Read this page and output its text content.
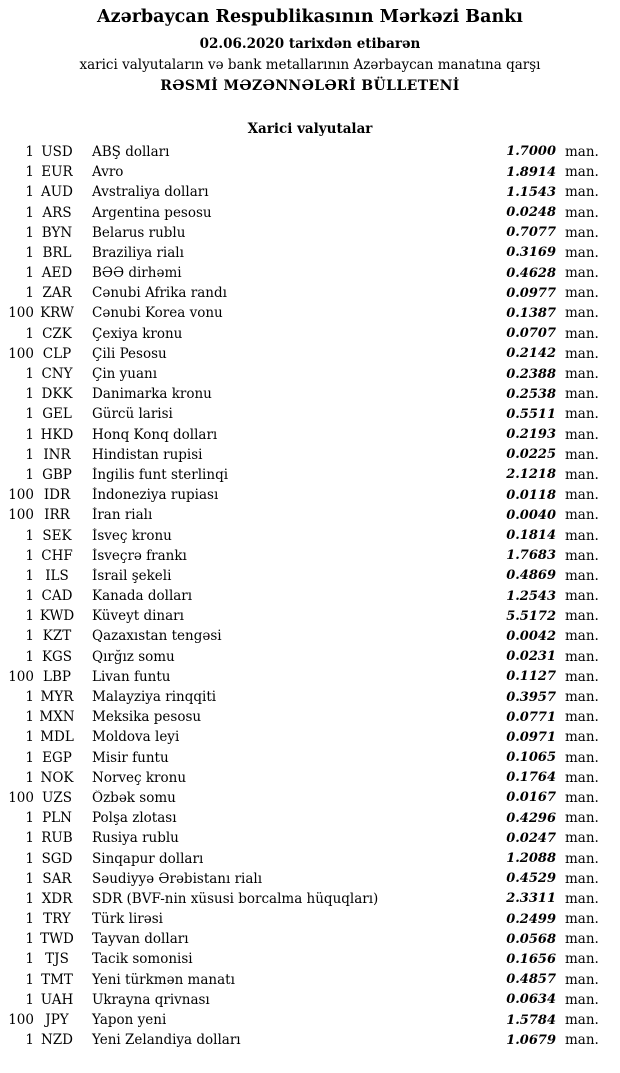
Azərbaycan Respublikasının Mərkəzi Bankı
02.06.2020 tarixdən etibarən
xarici valyutaların və bank metallarının Azərbaycan manatına qarşı
RƏSMİ MƏZƏNNƏLƏRİ BÜLLETENİ
Xarici valyutalar
1 USD	ABŞ dolları	1.7000 man.
1 EUR	Avro	1.8914 man.
1 AUD	Avstraliya dolları	1.1543 man.
1 ARS	Argentina pesosu	0.0248 man.
1 BYN	Belarus rublu	0.7077 man.
1 BRL	Braziliya rialı	0.3169 man.
1 AED	BƏƏ dirhəmi	0.4628 man.
1 ZAR	Cənubi Afrika randı	0.0977 man.
100 KRW	Cənubi Korea vonu	0.1387 man.
1 CZK	Çexiya kronu	0.0707 man.
100 CLP	Çili Pesosu	0.2142 man.
1 CNY	Çin yuanı	0.2388 man.
1 DKK	Danimarka kronu	0.2538 man.
1 GEL	Gürcü larisi	0.5511 man.
1 HKD	Honq Konq dolları	0.2193 man.
1 INR	Hindistan rupisi	0.0225 man.
1 GBP	İngilis funt sterlinqi	2.1218 man.
100 IDR	İndoneziya rupiası	0.0118 man.
100 IRR	İran rialı	0.0040 man.
1 SEK	İsveç kronu	0.1814 man.
1 CHF	İsveçrə frankı	1.7683 man.
1 ILS	İsrail şekeli	0.4869 man.
1 CAD	Kanada dolları	1.2543 man.
1 KWD	Küveyt dinarı	5.5172 man.
1 KZT	Qazaxıstan tengəsi	0.0042 man.
1 KGS	Qırğız somu	0.0231 man.
100 LBP	Livan funtu	0.1127 man.
1 MYR	Malayziya rinqqiti	0.3957 man.
1 MXN	Meksika pesosu	0.0771 man.
1 MDL	Moldova leyi	0.0971 man.
1 EGP	Misir funtu	0.1065 man.
1 NOK	Norveç kronu	0.1764 man.
100 UZS	Özbək somu	0.0167 man.
1 PLN	Polşa zlotası	0.4296 man.
1 RUB	Rusiya rublu	0.0247 man.
1 SGD	Sinqapur dolları	1.2088 man.
1 SAR	Səudiyyə Ərəbistanı rialı	0.4529 man.
1 XDR	SDR (BVF-nin xüsusi borcalma hüquqları)	2.3311 man.
1 TRY	Türk lirəsi	0.2499 man.
1 TWD	Tayvan dolları	0.0568 man.
1 TJS	Tacik somonisi	0.1656 man.
1 TMT	Yeni türkmən manatı	0.4857 man.
1 UAH	Ukrayna qrivnası	0.0634 man.
100 JPY	Yapon yeni	1.5784 man.
1 NZD	Yeni Zelandiya dolları	1.0679 man.
